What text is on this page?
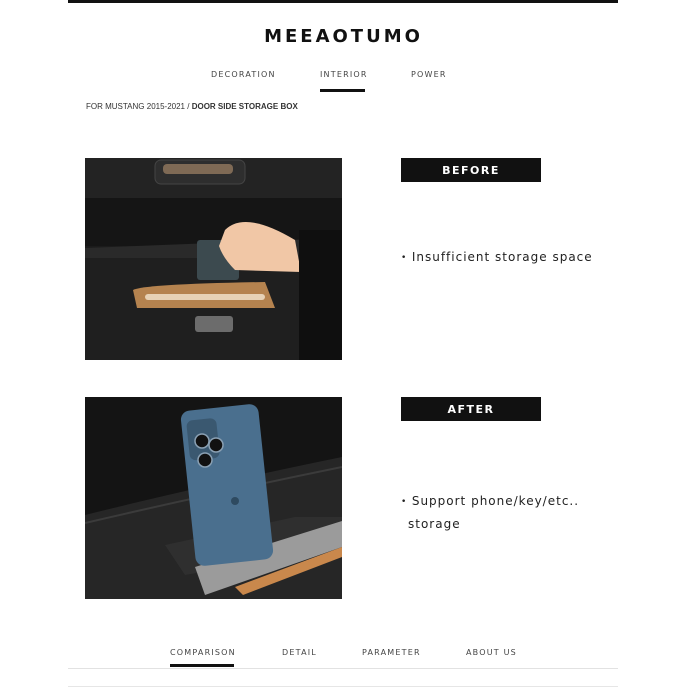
MEEAOTUMO
DECORATION	INTERIOR	POWER
FOR MUSTANG 2015-2021 / DOOR SIDE STORAGE BOX
BEFORE
• Insufficient storage space
AFTER
• Support phone/key/etc..
storage
COMPARISON	DETAIL	PARAMETER	ABOUT US
